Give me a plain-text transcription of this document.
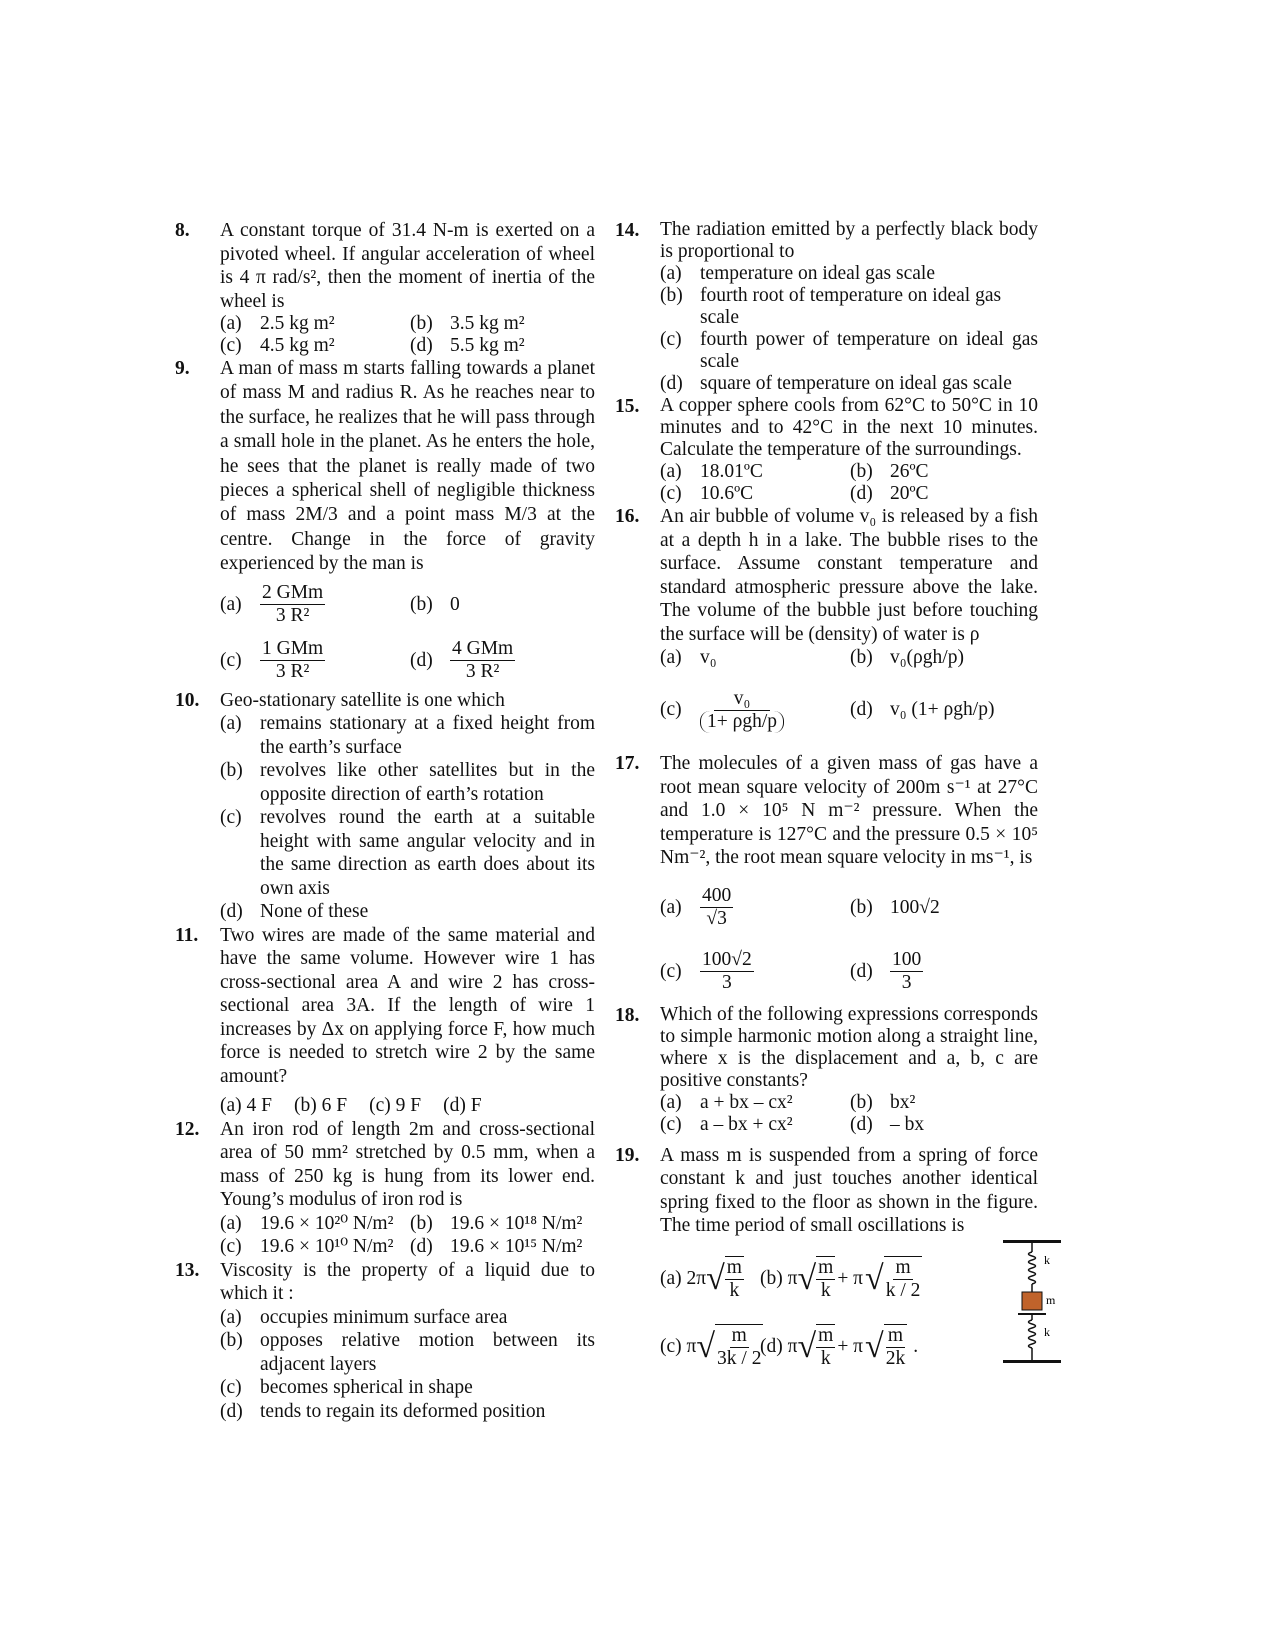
8. A constant torque of 31.4 N-m is exerted on a pivoted wheel. If angular acceleration of wheel is 4 π rad/s², then the moment of inertia of the wheel is
(a) 2.5 kg m²	(b) 3.5 kg m²
(c) 4.5 kg m²	(d) 5.5 kg m²
9. A man of mass m starts falling towards a planet of mass M and radius R. As he reaches near to the surface, he realizes that he will pass through a small hole in the planet. As he enters the hole, he sees that the planet is really made of two pieces a spherical shell of negligible thickness of mass 2M/3 and a point mass M/3 at the centre. Change in the force of gravity experienced by the man is
$(a) \frac{\text{2 GMm}}{\text{3 R²}}$	(b) 0
$(c) \frac{\text{1 GMm}}{\text{3 R²}}$	$(d) \frac{\text{4 GMm}}{\text{3 R²}}$
10. Geo-stationary satellite is one which
(a) remains stationary at a fixed height from the earth’s surface
(b) revolves like other satellites but in the opposite direction of earth’s rotation
(c) revolves round the earth at a suitable height with same angular velocity and in the same direction as earth does about its own axis
(d) None of these
11. Two wires are made of the same material and have the same volume. However wire 1 has cross-sectional area A and wire 2 has cross-sectional area 3A. If the length of wire 1 increases by Δx on applying force F, how much force is needed to stretch wire 2 by the same amount?
(a) 4 F (b) 6 F (c) 9 F (d) F
12. An iron rod of length 2m and cross-sectional area of 50 mm² stretched by 0.5 mm, when a mass of 250 kg is hung from its lower end. Young’s modulus of iron rod is
(a) 19.6 × 10²⁰ N/m² (b) 19.6 × 10¹⁸ N/m²
(c) 19.6 × 10¹⁰ N/m² (d) 19.6 × 10¹⁵ N/m²
13. Viscosity is the property of a liquid due to which it :
(a) occupies minimum surface area
(b) opposes relative motion between its adjacent layers
(c) becomes spherical in shape
(d) tends to regain its deformed position
14. The radiation emitted by a perfectly black body is proportional to
(a) temperature on ideal gas scale
(b) fourth root of temperature on ideal gas scale
(c) fourth power of temperature on ideal gas scale
(d) square of temperature on ideal gas scale
15. A copper sphere cools from 62°C to 50°C in 10 minutes and to 42°C in the next 10 minutes. Calculate the temperature of the surroundings.
(a) 18.01ºC	(b) 26ºC
(c) 10.6ºC	(d) 20ºC
16. An air bubble of volume v₀ is released by a fish at a depth h in a lake. The bubble rises to the surface. Assume constant temperature and standard atmospheric pressure above the lake. The volume of the bubble just before touching the surface will be (density) of water is ρ
(a) v₀	(b) v₀(ρgh/p)
$(c) \frac{\text{v₀}}{\text{1+ ρgh/p}}$	(d) v₀ (1+ ρgh/p)
17. The molecules of a given mass of gas have a root mean square velocity of 200m s⁻¹ at 27°C and 1.0 × 10⁵ N m⁻² pressure. When the temperature is 127°C and the pressure 0.5 × 10⁵ Nm⁻², the root mean square velocity in ms⁻¹, is
$(a) \frac{400}{√3}$	(b) 100√2
$(c) \frac{100√2}{3}$	$(d) \frac{100}{3}$
18. Which of the following expressions corresponds to simple harmonic motion along a straight line, where x is the displacement and a, b, c are positive constants?
(a) a + bx – cx²	(b) bx²
(c) a – bx + cx²	(d) – bx
19. A mass m is suspended from a spring of force constant k and just touches another identical spring fixed to the floor as shown in the figure. The time period of small oscillations is
(a) 2π √ $\frac{m}{k} (b)$ π √ $\frac{m}{k} + \pi$ √ $\frac{m}{k / 2}$
(c) π √ $\frac{m}{3k / 2}$
(d) π √ $\frac{m}{k} + \pi$ √ $\frac{m}{2k}$ .
k
m
k
